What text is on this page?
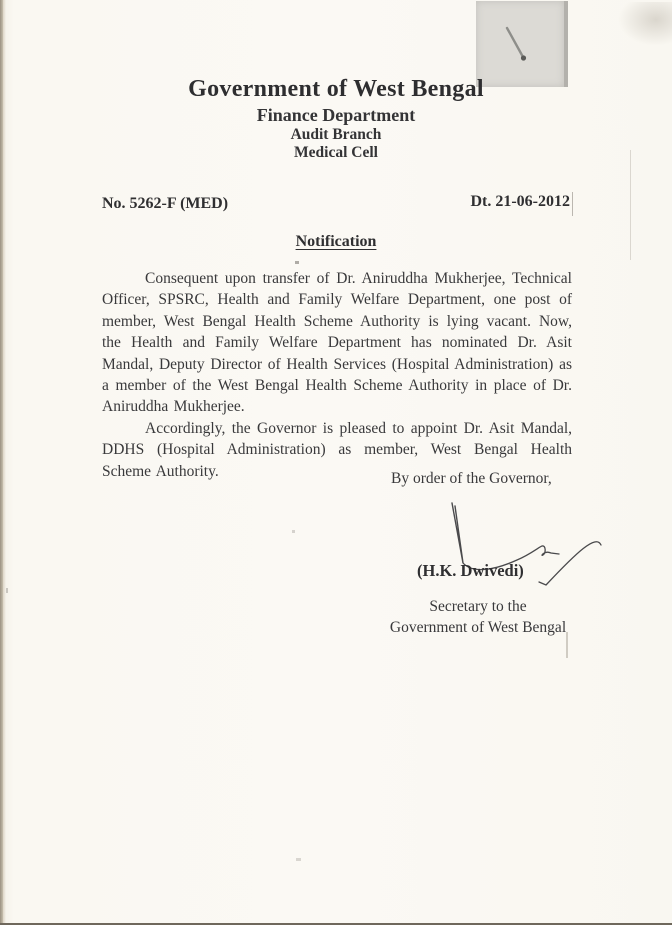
Government of West Bengal
Finance Department
Audit Branch
Medical Cell
No. 5262-F (MED)	Dt. 21-06-2012
Notification

Consequent upon transfer of Dr. Aniruddha Mukherjee, Technical Officer, SPSRC, Health and Family Welfare Department, one post of member, West Bengal Health Scheme Authority is lying vacant. Now, the Health and Family Welfare Department has nominated Dr. Asit Mandal, Deputy Director of Health Services (Hospital Administration) as a member of the West Bengal Health Scheme Authority in place of Dr. Aniruddha Mukherjee.

Accordingly, the Governor is pleased to appoint Dr. Asit Mandal, DDHS (Hospital Administration) as member, West Bengal Health Scheme Authority.	By order of the Governor,
(H.K. Dwivedi)
Secretary to the
Government of West Bengal
